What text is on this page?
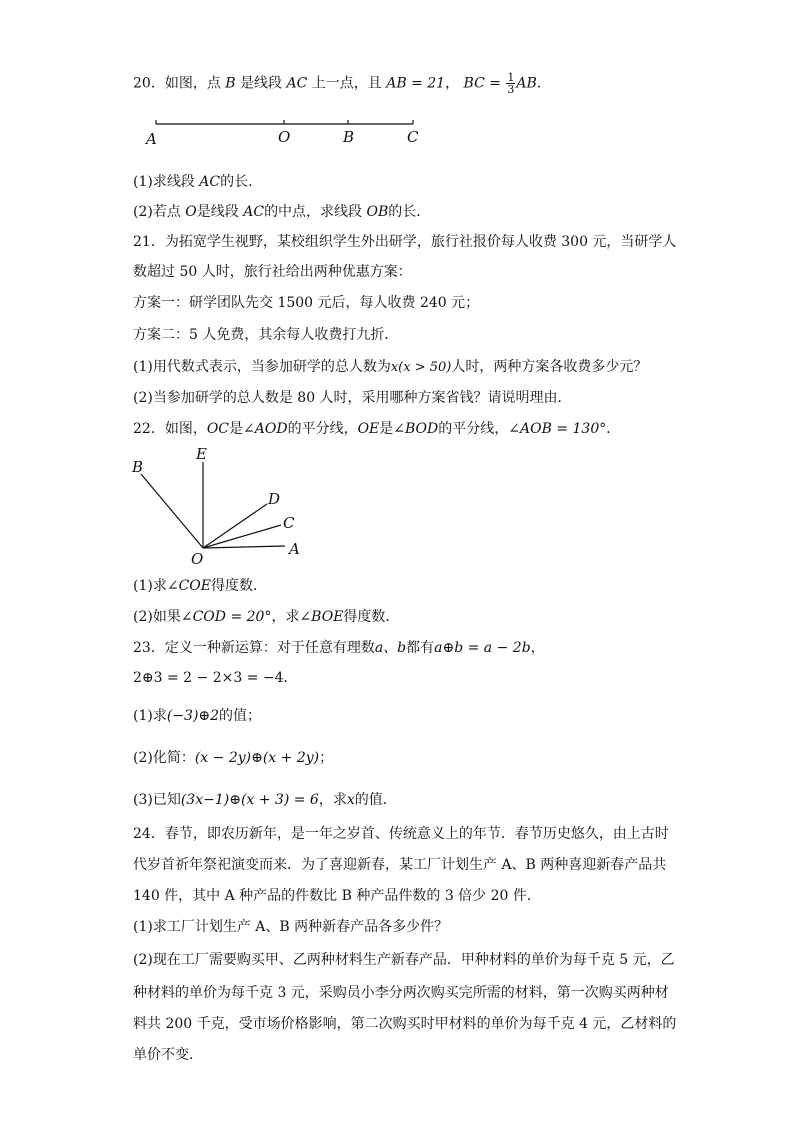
20．如图，点 B 是线段 AC 上一点，且 AB = 21， BC = $\frac{1}{3}$ AB．
A	O	B	C
(1)求线段 AC的长．
(2)若点 O是线段 AC的中点，求线段 OB的长．
21．为拓宽学生视野，某校组织学生外出研学，旅行社报价每人收费 300 元，当研学人
数超过 50 人时，旅行社给出两种优惠方案：
方案一：研学团队先交 1500 元后，每人收费 240 元；
方案二：5 人免费，其余每人收费打九折．
(1)用代数式表示，当参加研学的总人数为x(x > 50)人时，两种方案各收费多少元？
(2)当参加研学的总人数是 80 人时，采用哪种方案省钱？请说明理由．
22．如图，OC是∠AOD的平分线，OE是∠BOD的平分线，∠AOB = 130°．
B
E
D
C
O
A
(1)求∠COE得度数．
(2)如果∠COD = 20°，求∠BOE得度数．
23．定义一种新运算：对于任意有理数a、b都有a⊕b = a − 2b，
2⊕3 = 2 − 2×3 = −4．
(1)求(−3)⊕2的值；
(2)化简：(x − 2y)⊕(x + 2y)；
(3)已知(3x−1)⊕(x + 3) = 6，求x的值．
24．春节，即农历新年，是一年之岁首、传统意义上的年节．春节历史悠久，由上古时
代岁首祈年祭祀演变而来．为了喜迎新春，某工厂计划生产 A、B 两种喜迎新春产品共
140 件，其中 A 种产品的件数比 B 种产品件数的 3 倍少 20 件．
(1)求工厂计划生产 A、B 两种新春产品各多少件？
(2)现在工厂需要购买甲、乙两种材料生产新春产品．甲种材料的单价为每千克 5 元，乙
种材料的单价为每千克 3 元，采购员小李分两次购买完所需的材料，第一次购买两种材
料共 200 千克，受市场价格影响，第二次购买时甲材料的单价为每千克 4 元，乙材料的
单价不变．
